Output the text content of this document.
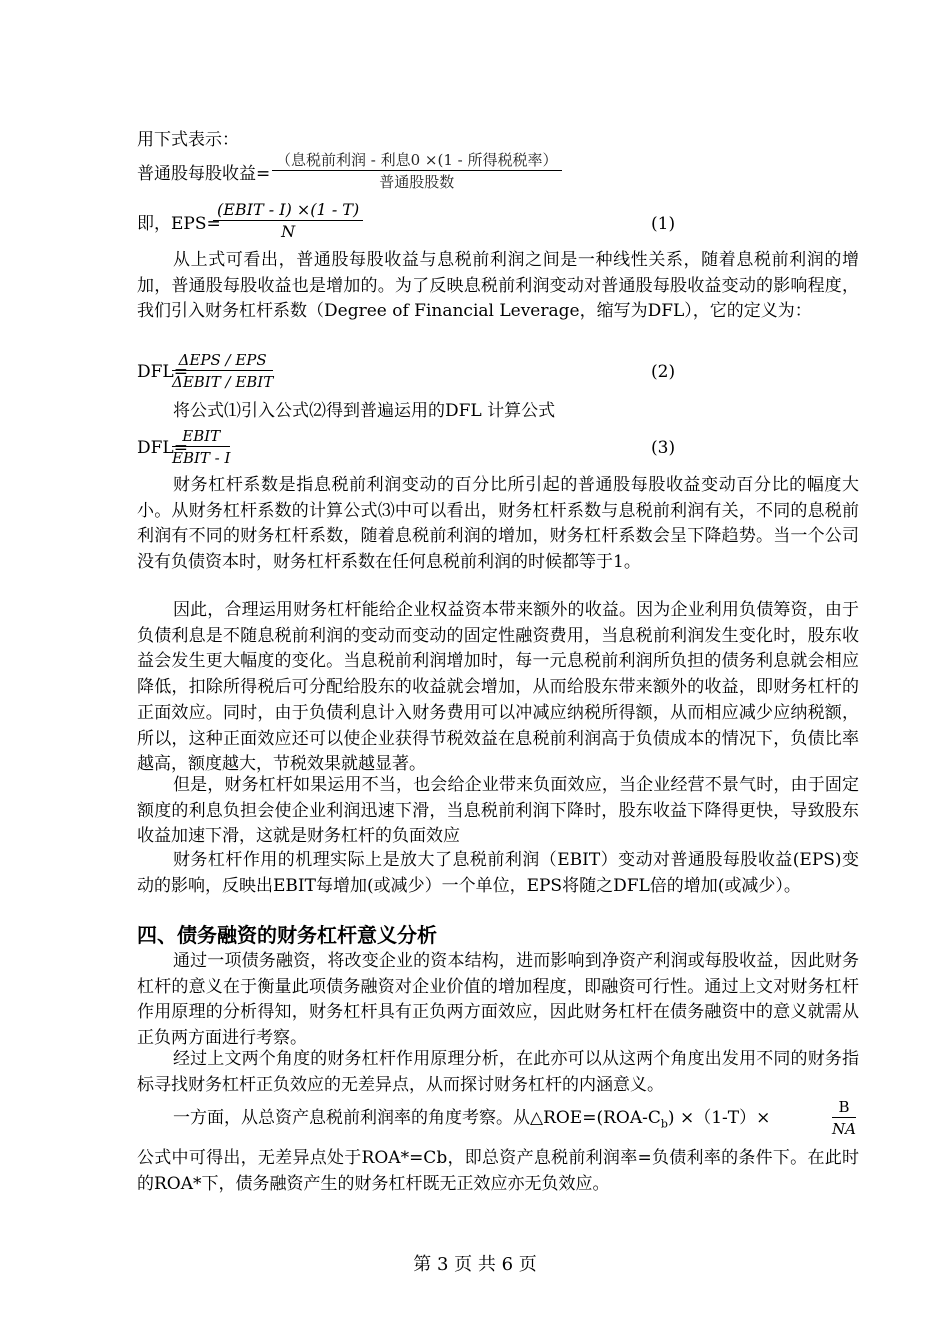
用下式表示：
普通股每股收益=
（息税前利润 - 利息0 ×(1 - 所得税税率）
普通股股数
即，EPS=
(EBIT - I) ×(1 - T)
N	(1)
从上式可看出，普通股每股收益与息税前利润之间是一种线性关系，随着息税前利润的增加，普通股每股收益也是增加的。为了反映息税前利润变动对普通股每股收益变动的影响程度，我们引入财务杠杆系数（Degree of Financial Leverage，缩写为DFL），它的定义为：
DFL=
ΔEPS / EPS
ΔEBIT / EBIT	(2)
将公式⑴引入公式⑵得到普遍运用的DFL 计算公式
DFL=
EBIT
EBIT - I	(3)
财务杠杆系数是指息税前利润变动的百分比所引起的普通股每股收益变动百分比的幅度大小。从财务杠杆系数的计算公式⑶中可以看出，财务杠杆系数与息税前利润有关，不同的息税前利润有不同的财务杠杆系数，随着息税前利润的增加，财务杠杆系数会呈下降趋势。当一个公司没有负债资本时，财务杠杆系数在任何息税前利润的时候都等于1。
因此，合理运用财务杠杆能给企业权益资本带来额外的收益。因为企业利用负债筹资，由于负债利息是不随息税前利润的变动而变动的固定性融资费用，当息税前利润发生变化时，股东收益会发生更大幅度的变化。当息税前利润增加时，每一元息税前利润所负担的债务利息就会相应降低，扣除所得税后可分配给股东的收益就会增加，从而给股东带来额外的收益，即财务杠杆的正面效应。同时，由于负债利息计入财务费用可以冲减应纳税所得额，从而相应减少应纳税额，所以，这种正面效应还可以使企业获得节税效益在息税前利润高于负债成本的情况下，负债比率越高，额度越大，节税效果就越显著。
但是，财务杠杆如果运用不当，也会给企业带来负面效应，当企业经营不景气时，由于固定额度的利息负担会使企业利润迅速下滑，当息税前利润下降时，股东收益下降得更快，导致股东收益加速下滑，这就是财务杠杆的负面效应
财务杠杆作用的机理实际上是放大了息税前利润（EBIT）变动对普通股每股收益(EPS)变动的影响，反映出EBIT每增加(或减少）一个单位，EPS将随之DFL倍的增加(或减少）。
四、债务融资的财务杠杆意义分析
通过一项债务融资，将改变企业的资本结构，进而影响到净资产利润或每股收益，因此财务杠杆的意义在于衡量此项债务融资对企业价值的增加程度，即融资可行性。通过上文对财务杠杆作用原理的分析得知，财务杠杆具有正负两方面效应，因此财务杠杆在债务融资中的意义就需从正负两方面进行考察。
经过上文两个角度的财务杠杆作用原理分析，在此亦可以从这两个角度出发用不同的财务指标寻找财务杠杆正负效应的无差异点，从而探讨财务杠杆的内涵意义。
一方面，从总资产息税前利润率的角度考察。从$\triangle ROE=(ROA-C_b) \times(1-T)\times$
B
NA
公式中可得出，无差异点处于ROA*=Cb，即总资产息税前利润率=负债利率的条件下。在此时的ROA*下，债务融资产生的财务杠杆既无正效应亦无负效应。
第 3 页 共 6 页
